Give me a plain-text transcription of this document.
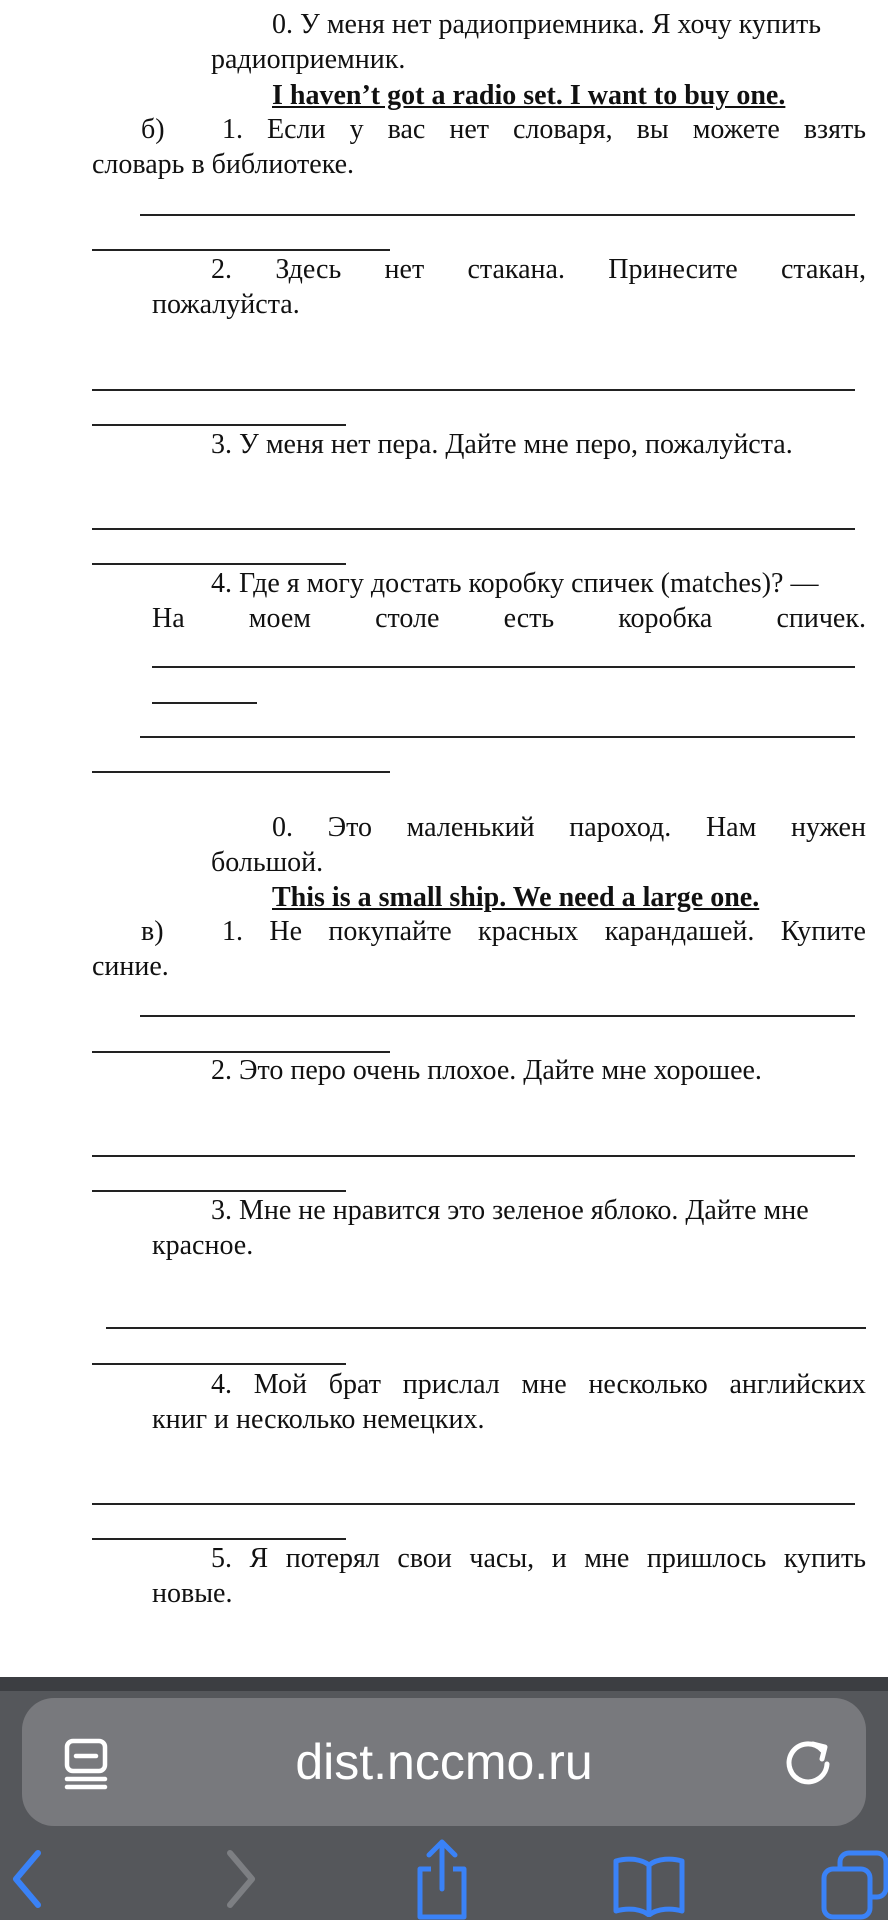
0. У меня нет радиоприемника. Я хочу купить
радиоприемник.
I haven’t got a radio set. I want to buy one.
б) 1. Если у вас нет словаря, вы можете взять
словарь в библиотеке.
2. Здесь нет стакана. Принесите стакан,
пожалуйста.
3. У меня нет пера. Дайте мне перо, пожалуйста.
4. Где я могу достать коробку спичек (matches)? —
На моем столе есть коробка спичек.
0. Это маленький пароход. Нам нужен
большой.
This is a small ship. We need a large one.
в) 1. Не покупайте красных карандашей. Купите
синие.
2. Это перо очень плохое. Дайте мне хорошее.
3. Мне не нравится это зеленое яблоко. Дайте мне
красное.
4. Мой брат прислал мне несколько английских
книг и несколько немецких.
5. Я потерял свои часы, и мне пришлось купить
новые.
dist.nccmo.ru
